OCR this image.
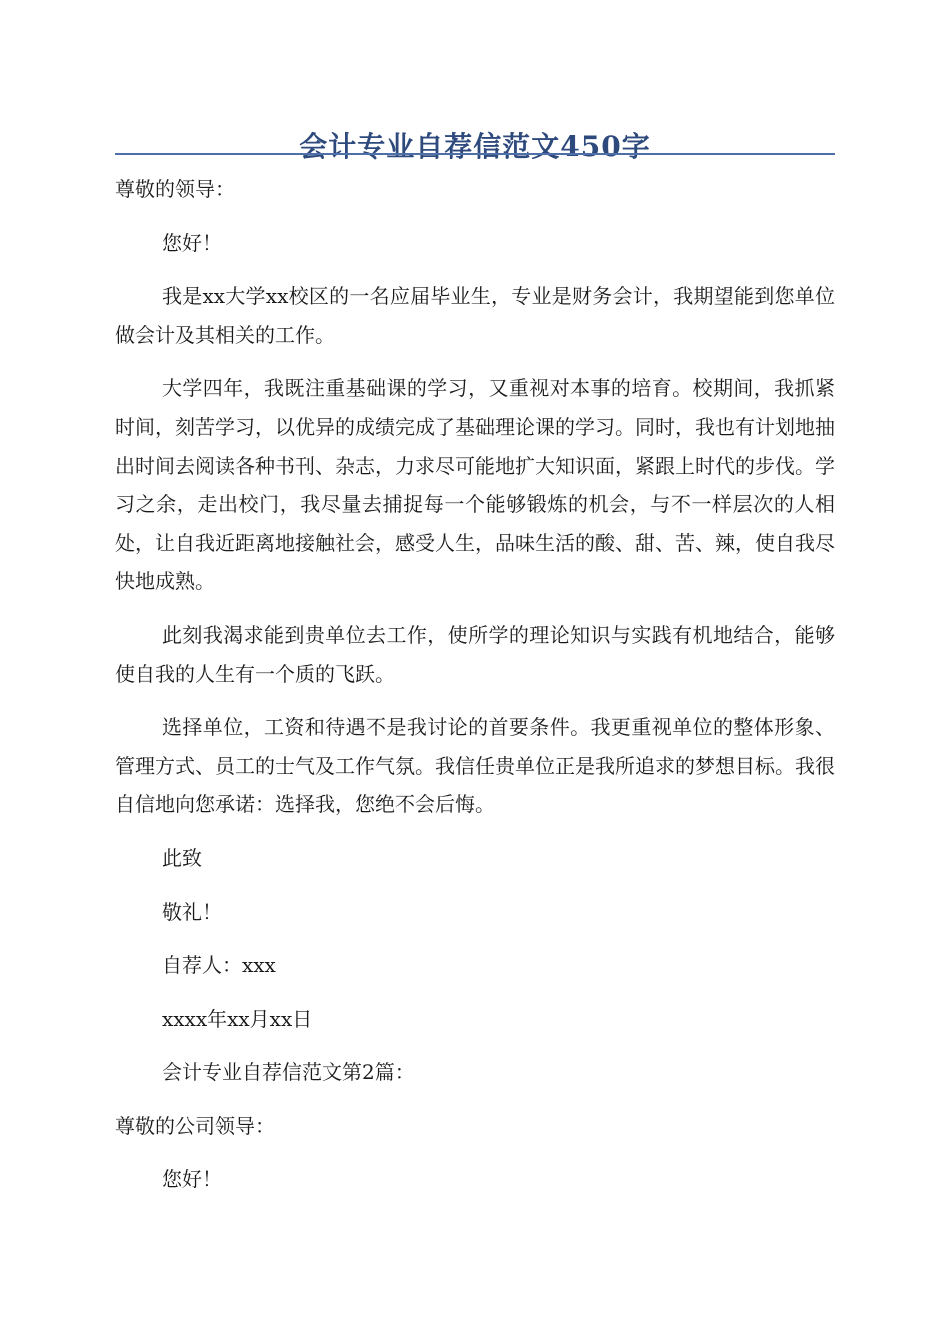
会计专业自荐信范文450字

尊敬的领导：

您好！

我是xx大学xx校区的一名应届毕业生，专业是财务会计，我期望能到您单位做会计及其相关的工作。

大学四年，我既注重基础课的学习，又重视对本事的培育。校期间，我抓紧时间，刻苦学习，以优异的成绩完成了基础理论课的学习。同时，我也有计划地抽出时间去阅读各种书刊、杂志，力求尽可能地扩大知识面，紧跟上时代的步伐。学习之余，走出校门，我尽量去捕捉每一个能够锻炼的机会，与不一样层次的人相处，让自我近距离地接触社会，感受人生，品味生活的酸、甜、苦、辣，使自我尽快地成熟。

此刻我渴求能到贵单位去工作，使所学的理论知识与实践有机地结合，能够使自我的人生有一个质的飞跃。

选择单位，工资和待遇不是我讨论的首要条件。我更重视单位的整体形象、管理方式、员工的士气及工作气氛。我信任贵单位正是我所追求的梦想目标。我很自信地向您承诺：选择我，您绝不会后悔。

此致

敬礼！

自荐人：xxx

xxxx年xx月xx日

会计专业自荐信范文第2篇：

尊敬的公司领导：

您好！
